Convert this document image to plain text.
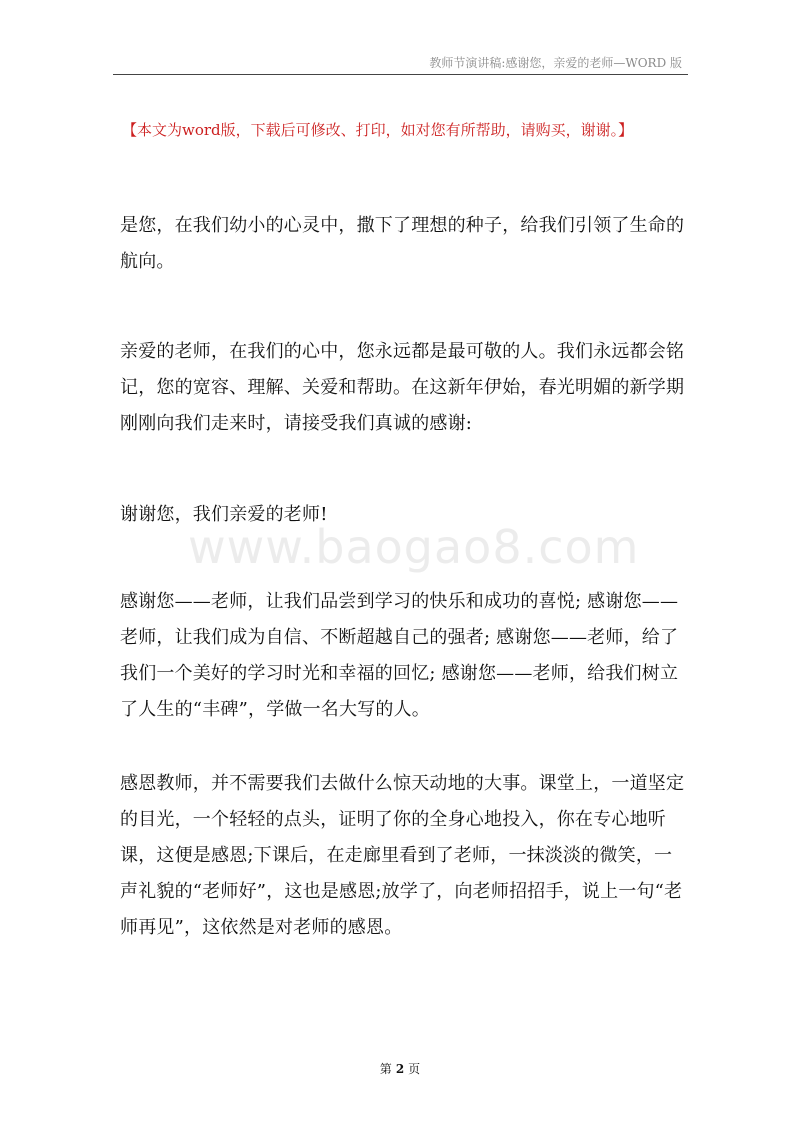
教师节演讲稿:感谢您，亲爱的老师—WORD 版
【本文为word版，下载后可修改、打印，如对您有所帮助，请购买，谢谢。】
www.baogao8.com

是您，在我们幼小的心灵中，撒下了理想的种子，给我们引领了生命的航向。

亲爱的老师，在我们的心中，您永远都是最可敬的人。我们永远都会铭记，您的宽容、理解、关爱和帮助。在这新年伊始，春光明媚的新学期刚刚向我们走来时，请接受我们真诚的感谢:

谢谢您，我们亲爱的老师!

感谢您——老师，让我们品尝到学习的快乐和成功的喜悦; 感谢您——老师，让我们成为自信、不断超越自己的强者; 感谢您——老师，给了我们一个美好的学习时光和幸福的回忆; 感谢您——老师，给我们树立了人生的“丰碑”，学做一名大写的人。

感恩教师，并不需要我们去做什么惊天动地的大事。课堂上，一道坚定的目光，一个轻轻的点头，证明了你的全身心地投入，你在专心地听课，这便是感恩;下课后，在走廊里看到了老师，一抹淡淡的微笑，一声礼貌的“老师好”，这也是感恩;放学了，向老师招招手，说上一句“老师再见”，这依然是对老师的感恩。

第 2 页
